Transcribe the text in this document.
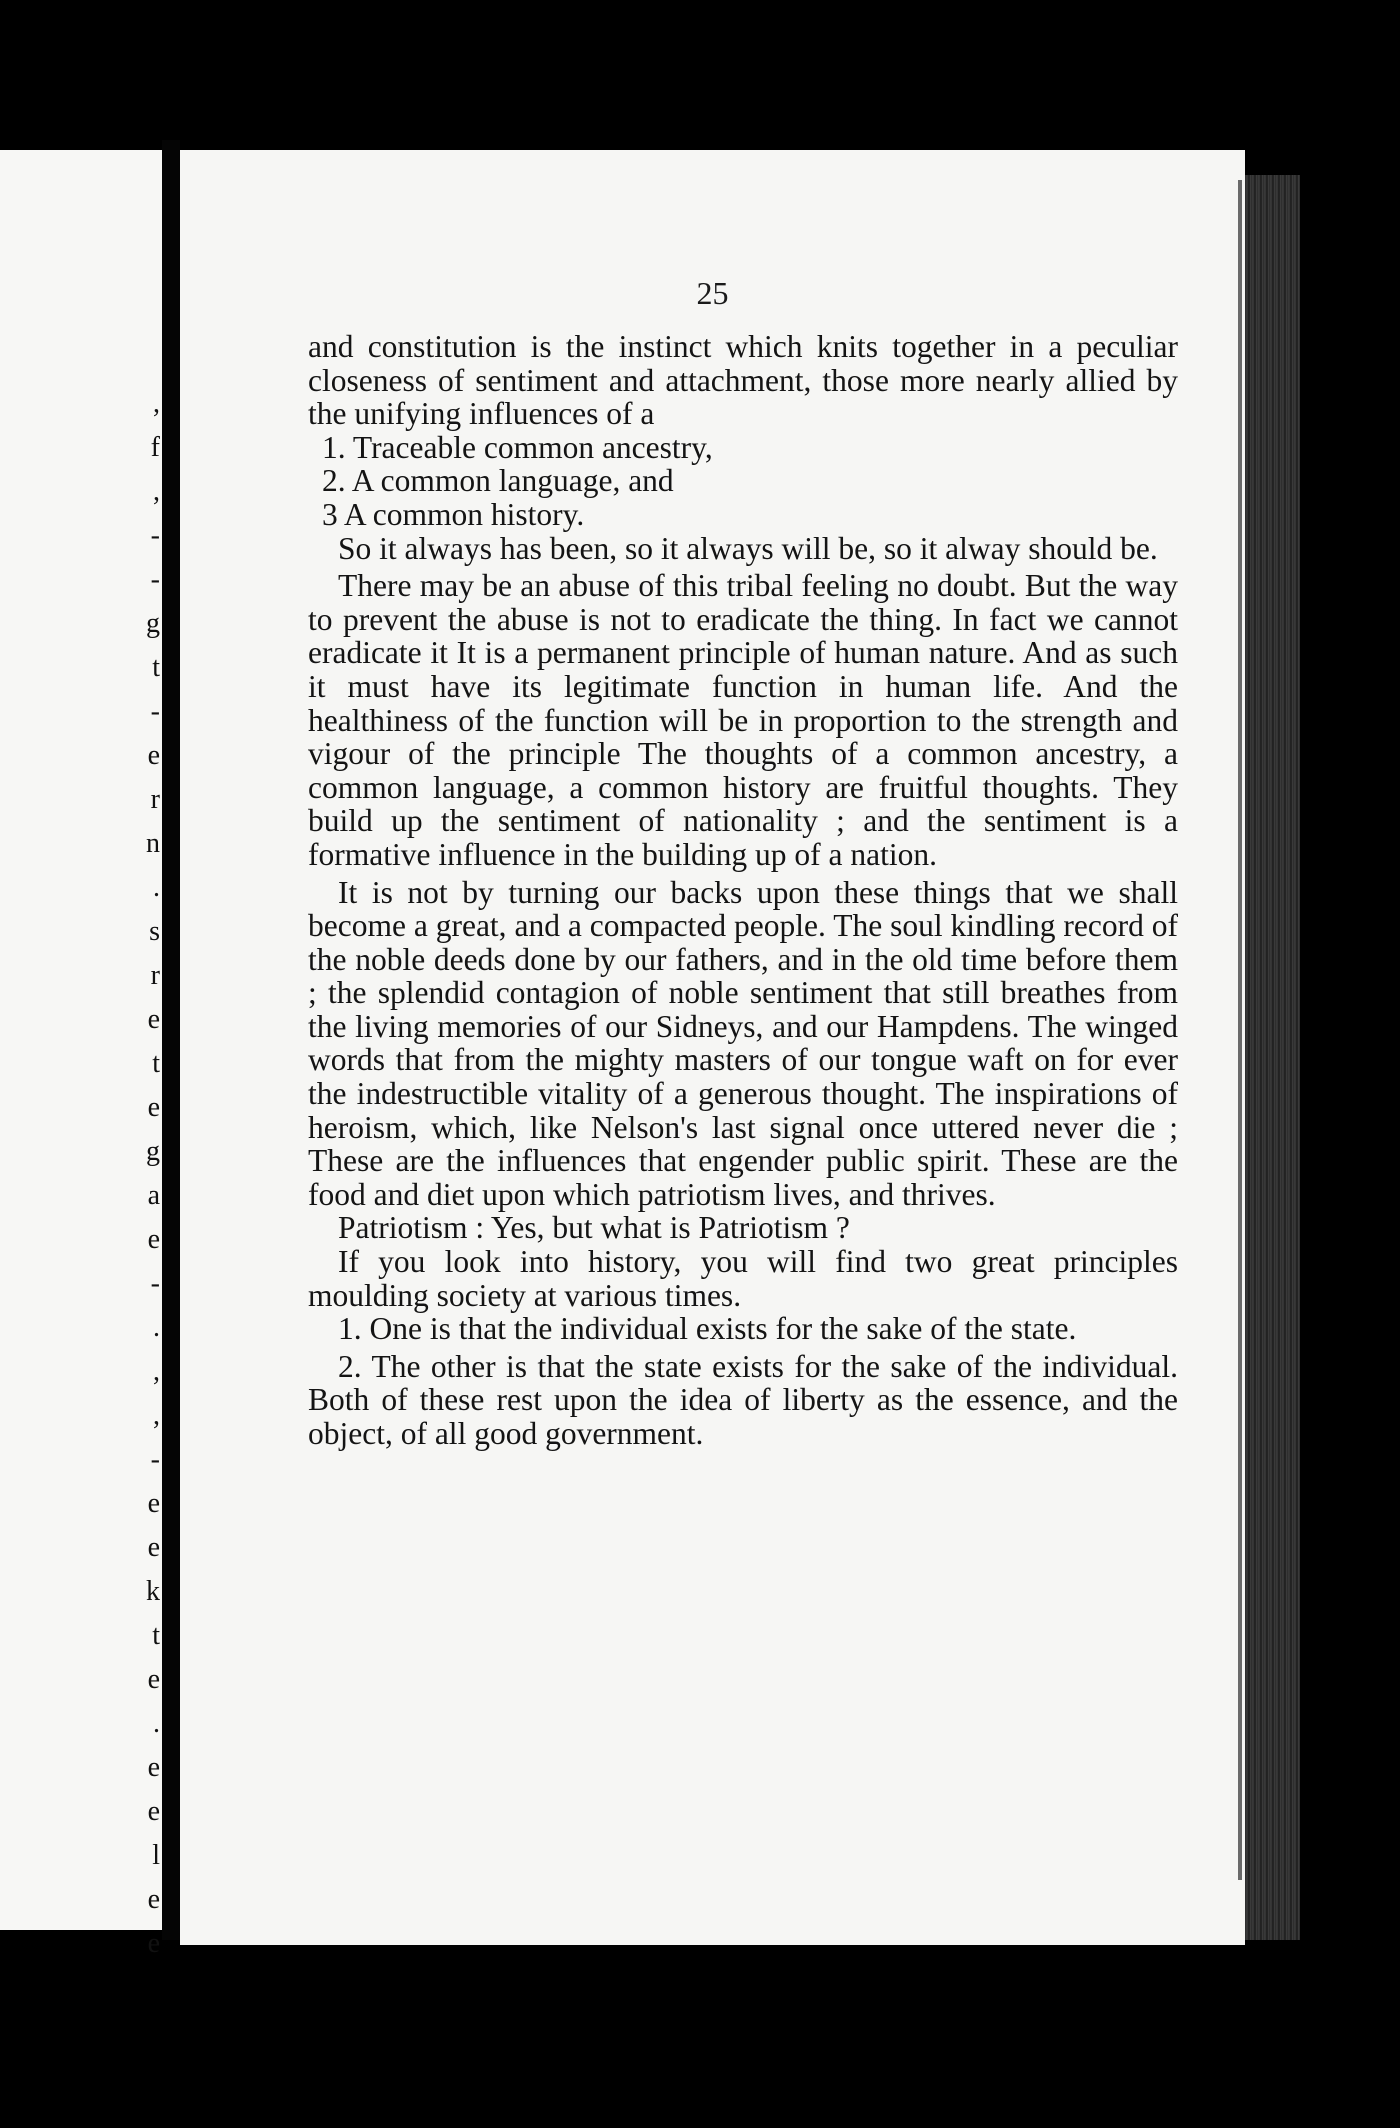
,
f
,
-
-
g
t
-
e
r
n
.
s
r
e
t
e
g
a
e
-
.
,
,
-
e
e
k
t
e
.
e
e
l
e
e
25

and constitution is the instinct which knits together in a peculiar closeness of sentiment and attachment, those more nearly allied by the unifying influences of a

1. Traceable common ancestry,

2. A common language, and

3 A common history.

So it always has been, so it always will be, so it alway should be.

There may be an abuse of this tribal feeling no doubt. But the way to prevent the abuse is not to eradicate the thing. In fact we cannot eradicate it It is a permanent principle of human nature. And as such it must have its legitimate function in human life. And the healthiness of the function will be in proportion to the strength and vigour of the principle The thoughts of a common ancestry, a common language, a common history are fruitful thoughts. They build up the sentiment of nationality ; and the sentiment is a formative influence in the building up of a nation.

It is not by turning our backs upon these things that we shall become a great, and a compacted people. The soul kindling record of the noble deeds done by our fathers, and in the old time before them ; the splendid contagion of noble sentiment that still breathes from the living memories of our Sidneys, and our Hampdens. The winged words that from the mighty masters of our tongue waft on for ever the indestructible vitality of a generous thought. The inspirations of heroism, which, like Nelson's last signal once uttered never die ; These are the influences that engender public spirit. These are the food and diet upon which patriotism lives, and thrives.

Patriotism : Yes, but what is Patriotism ?

If you look into history, you will find two great principles moulding society at various times.

1. One is that the individual exists for the sake of the state.

2. The other is that the state exists for the sake of the individual. Both of these rest upon the idea of liberty as the essence, and the object, of all good government.
